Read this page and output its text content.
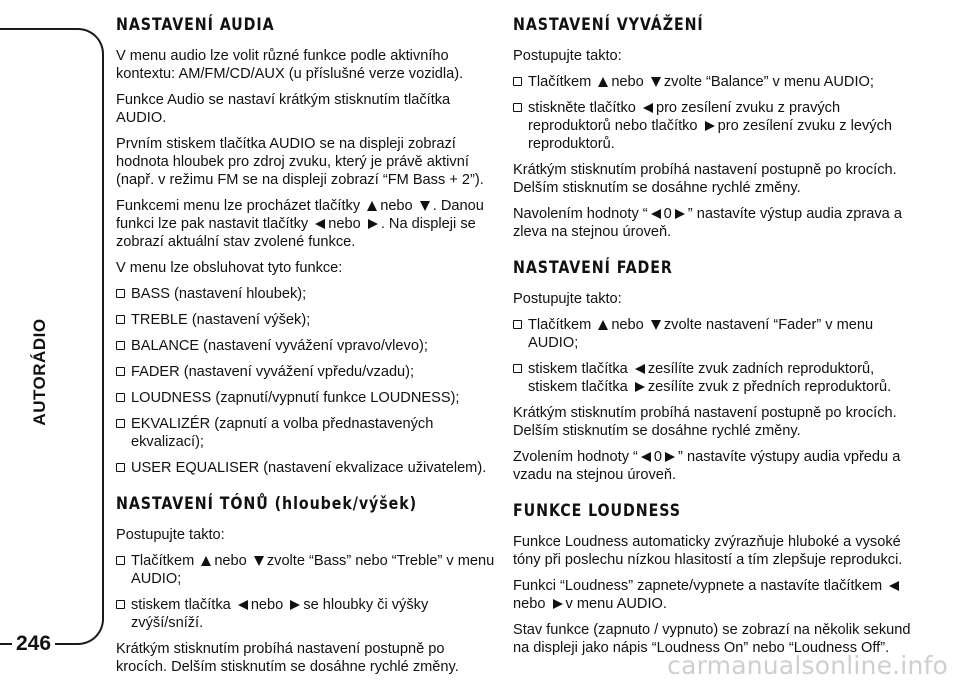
AUTORÁDIO
246
NASTAVENÍ AUDIA

V menu audio lze volit různé funkce podle aktivního kontextu: AM/FM/CD/AUX (u příslušné verze vozidla).

Funkce Audio se nastaví krátkým stisknutím tlačítka AUDIO.

Prvním stiskem tlačítka AUDIO se na displeji zobrazí hodnota hloubek pro zdroj zvuku, který je právě aktivní (např. v režimu FM se na displeji zobrazí “FM Bass + 2”).

Funkcemi menu lze procházet tlačítky nebo . Danou funkci lze pak nastavit tlačítky nebo . Na displeji se zobrazí aktuální stav zvolené funkce.

V menu lze obsluhovat tyto funkce:

BASS (nastavení hloubek);
TREBLE (nastavení výšek);
BALANCE (nastavení vyvážení vpravo/vlevo);
FADER (nastavení vyvážení vpředu/vzadu);
LOUDNESS (zapnutí/vypnutí funkce LOUDNESS);
EKVALIZÉR (zapnutí a volba přednastavených ekvalizací);
USER EQUALISER (nastavení ekvalizace uživatelem).
NASTAVENÍ TÓNŮ (hloubek/výšek)

Postupujte takto:

Tlačítkem nebo zvolte “Bass” nebo “Treble” v menu AUDIO;
stiskem tlačítka nebo se hloubky či výšky zvýší/sníží.

Krátkým stisknutím probíhá nastavení postupně po krocích. Delším stisknutím se dosáhne rychlé změny.

NASTAVENÍ VYVÁŽENÍ

Postupujte takto:

Tlačítkem nebo zvolte “Balance” v menu AUDIO;
stiskněte tlačítko pro zesílení zvuku z pravých reproduktorů nebo tlačítko pro zesílení zvuku z levých reproduktorů.

Krátkým stisknutím probíhá nastavení postupně po krocích. Delším stisknutím se dosáhne rychlé změny.

Navolením hodnoty “ 0 ” nastavíte výstup audia zprava a zleva na stejnou úroveň.

NASTAVENÍ FADER

Postupujte takto:

Tlačítkem nebo zvolte nastavení “Fader” v menu AUDIO;
stiskem tlačítka zesílíte zvuk zadních reproduktorů, stiskem tlačítka zesílíte zvuk z předních reproduktorů.

Krátkým stisknutím probíhá nastavení postupně po krocích. Delším stisknutím se dosáhne rychlé změny.

Zvolením hodnoty “ 0 ” nastavíte výstupy audia vpředu a vzadu na stejnou úroveň.

FUNKCE LOUDNESS

Funkce Loudness automaticky zvýrazňuje hluboké a vysoké tóny při poslechu nízkou hlasitostí a tím zlepšuje reprodukci.

Funkci “Loudness” zapnete/vypnete a nastavíte tlačítkem nebo v menu AUDIO.

Stav funkce (zapnuto / vypnuto) se zobrazí na několik sekund na displeji jako nápis “Loudness On” nebo “Loudness Off”.

carmanualsonline.info
